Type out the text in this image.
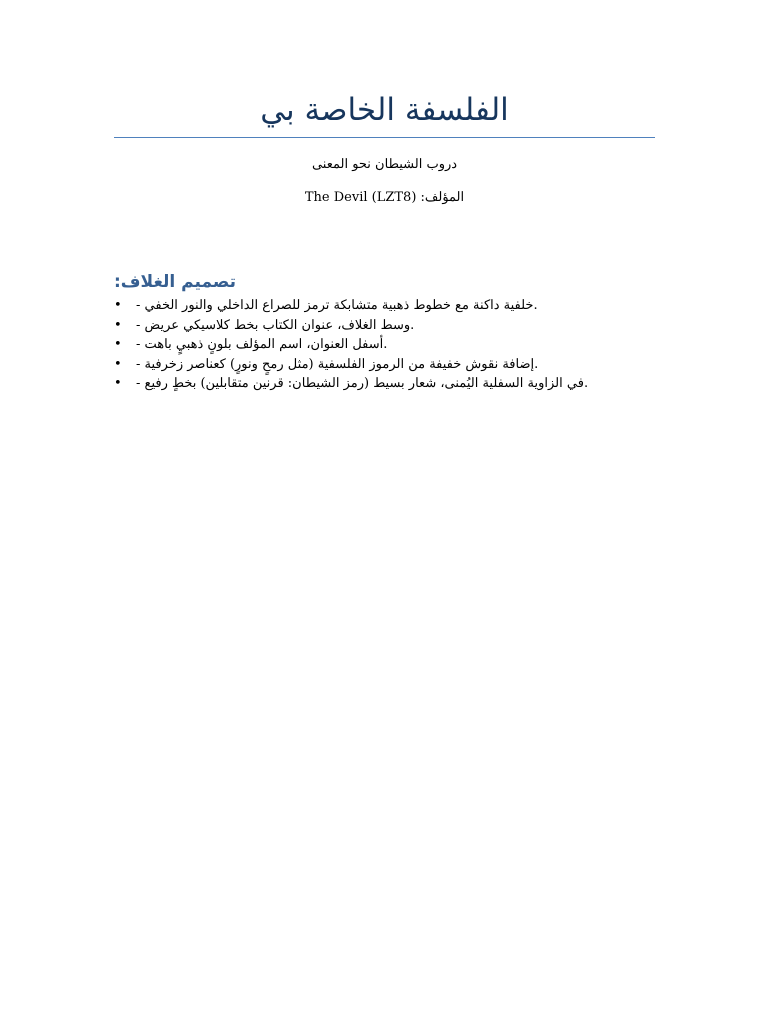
الفلسفة الخاصة بي
دروب الشيطان نحو المعنى
المؤلف: The Devil (LZT8)
تصميم الغلاف:
•	- خلفية داكنة مع خطوط ذهبية متشابكة ترمز للصراع الداخلي والنور الخفي.
•	- وسط الغلاف، عنوان الكتاب بخط كلاسيكي عريض.
•	- أسفل العنوان، اسم المؤلف بلونٍ ذهبيٍ باهت.
•	- إضافة نقوش خفيفة من الرموز الفلسفية (مثل رمحٍ ونورٍ) كعناصر زخرفية.
•	- في الزاوية السفلية اليُمنى، شعار بسيط (رمز الشيطان: قرنين متقابلين) بخطٍ رفيع.
